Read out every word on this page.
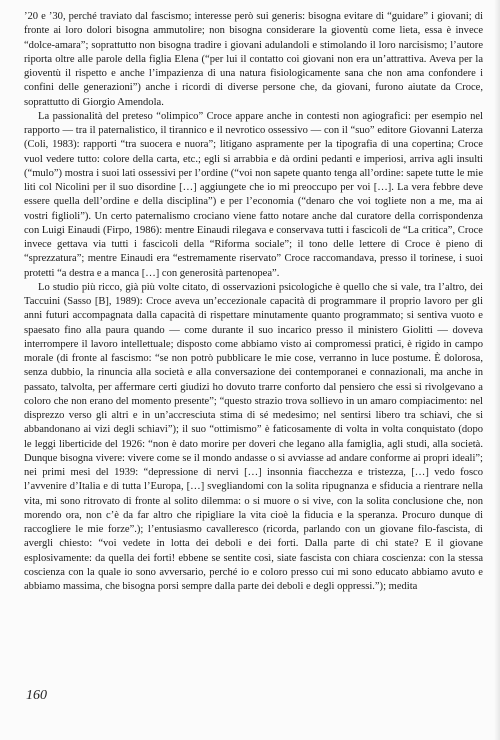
’20 e ’30, perché traviato dal fascismo; interesse però sui generis: bisogna evitare di “guidare” i giovani; di fronte ai loro dolori bisogna ammutolire; non bisogna considerare la gioventù come lieta, essa è invece “dolce-amara”; soprattutto non bisogna tradire i giovani adulandoli e stimolando il loro narcisismo; l’autore riporta oltre alle parole della figlia Elena (“per lui il contatto coi giovani non era un’attrattiva. Aveva per la gioventù il rispetto e anche l’impazienza di una natura fisiologicamente sana che non ama confondere i confini delle generazioni”) anche i ricordi di diverse persone che, da giovani, furono aiutate da Croce, soprattutto di Giorgio Amendola.

La passionalità del preteso “olimpico” Croce appare anche in contesti non agiografici: per esempio nel rapporto — tra il paternalistico, il tirannico e il nevrotico ossessivo — con il “suo” editore Giovanni Laterza (Coli, 1983): rapporti “tra suocera e nuora”; litigano aspramente per la tipografia di una copertina; Croce vuol vedere tutto: colore della carta, etc.; egli si arrabbia e dà ordini pedanti e imperiosi, arriva agli insulti (“mulo”) mostra i suoi lati ossessivi per l’ordine (“voi non sapete quanto tenga all’ordine: sapete tutte le mie liti col Nicolini per il suo disordine […] aggiungete che io mi preoccupo per voi […]. La vera febbre deve essere quella dell’ordine e della disciplina”) e per l’economia (“denaro che voi togliete non a me, ma ai vostri figlioli”). Un certo paternalismo crociano viene fatto notare anche dal curatore della corrispondenza con Luigi Einaudi (Firpo, 1986): mentre Einaudi rilegava e conservava tutti i fascicoli de “La critica”, Croce invece gettava via tutti i fascicoli della “Riforma sociale”; il tono delle lettere di Croce è pieno di “sprezzatura”; mentre Einaudi era “estremamente riservato” Croce raccomandava, presso il torinese, i suoi protetti “a destra e a manca […] con generosità partenopea”.

Lo studio più ricco, già più volte citato, di osservazioni psicologiche è quello che si vale, tra l’altro, dei Taccuini (Sasso [B], 1989): Croce aveva un’eccezionale capacità di programmare il proprio lavoro per gli anni futuri accompagnata dalla capacità di rispettare minutamente quanto programmato; si sentiva vuoto e spaesato fino alla paura quando — come durante il suo incarico presso il ministero Giolitti — doveva interrompere il lavoro intellettuale; disposto come abbiamo visto ai compromessi pratici, è rigido in campo morale (di fronte al fascismo: “se non potrò pubblicare le mie cose, verranno in luce postume. È dolorosa, senza dubbio, la rinuncia alla società e alla conversazione dei contemporanei e connazionali, ma anche in passato, talvolta, per affermare certi giudizi ho dovuto trarre conforto dal pensiero che essi si rivolgevano a coloro che non erano del momento presente”; “questo strazio trova sollievo in un amaro compiacimento: nel disprezzo verso gli altri e in un’accresciuta stima di sé medesimo; nel sentirsi libero tra schiavi, che si abbandonano ai vizi degli schiavi”); il suo “ottimismo” è faticosamente di volta in volta conquistato (dopo le leggi liberticide del 1926: “non è dato morire per doveri che legano alla famiglia, agli studi, alla società. Dunque bisogna vivere: vivere come se il mondo andasse o si avviasse ad andare conforme ai propri ideali”; nei primi mesi del 1939: “depressione di nervi […] insonnia fiacchezza e tristezza, […] vedo fosco l’avvenire d’Italia e di tutta l’Europa, […] svegliandomi con la solita ripugnanza e sfiducia a rientrare nella vita, mi sono ritrovato di fronte al solito dilemma: o si muore o si vive, con la solita conclusione che, non morendo ora, non c’è da far altro che ripigliare la vita cioè la fiducia e la speranza. Procuro dunque di raccogliere le mie forze”.); l’entusiasmo cavalleresco (ricorda, parlando con un giovane filo-fascista, di avergli chiesto: “voi vedete in lotta dei deboli e dei forti. Dalla parte di chi state? E il giovane esplosivamente: da quella dei forti! ebbene se sentite così, siate fascista con chiara coscienza: con la stessa coscienza con la quale io sono avversario, perché io e coloro presso cui mi sono educato abbiamo avuto e abbiamo massima, che bisogna porsi sempre dalla parte dei deboli e degli oppressi.”); medita

160
